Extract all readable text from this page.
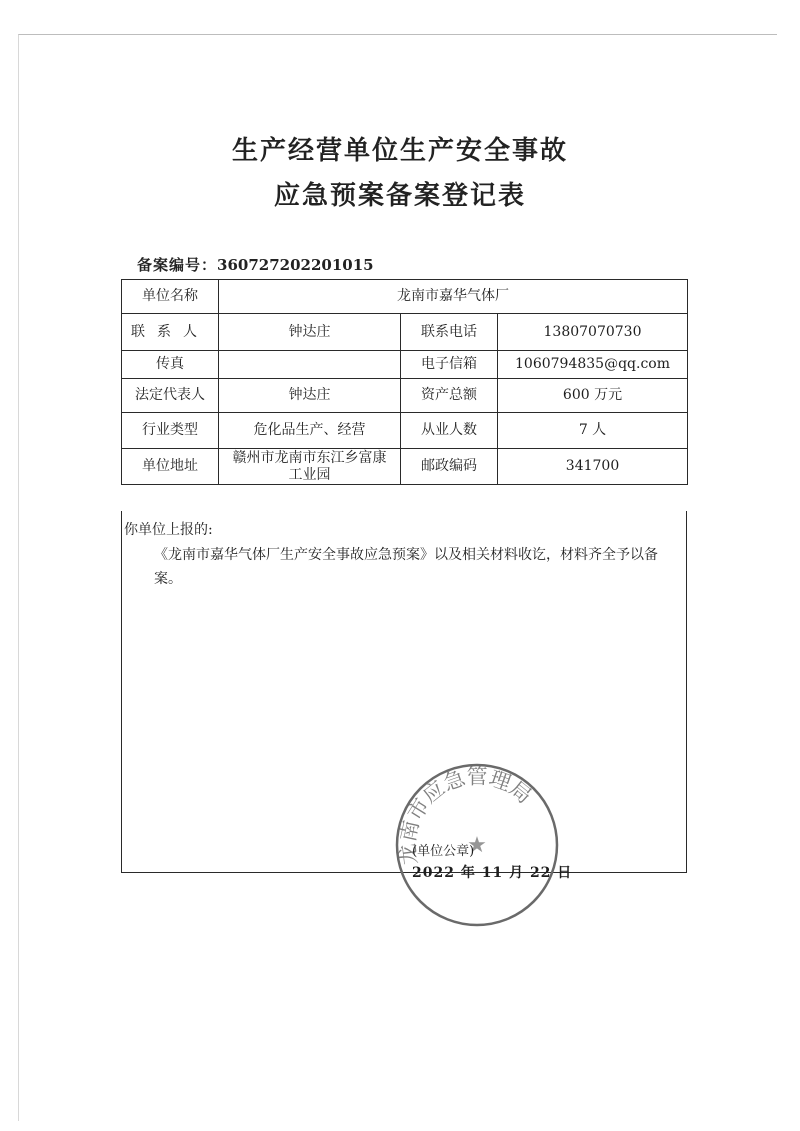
生产经营单位生产安全事故
应急预案备案登记表
备案编号：360727202201015
单位名称	龙南市嘉华气体厂		
联系人	钟达庄	联系电话	13807070730
传真		电子信箱	1060794835@qq.com
法定代表人	钟达庄	资产总额	600 万元
行业类型	危化品生产、经营	从业人数	7 人
单位地址	赣州市龙南市东江乡富康
工业园	邮政编码	341700
你单位上报的:
《龙南市嘉华气体厂生产安全事故应急预案》以及相关材料收讫，材料齐全予以备案。
龙南市应急管理局
★
(单位公章)
2022 年 11 月 22 日
